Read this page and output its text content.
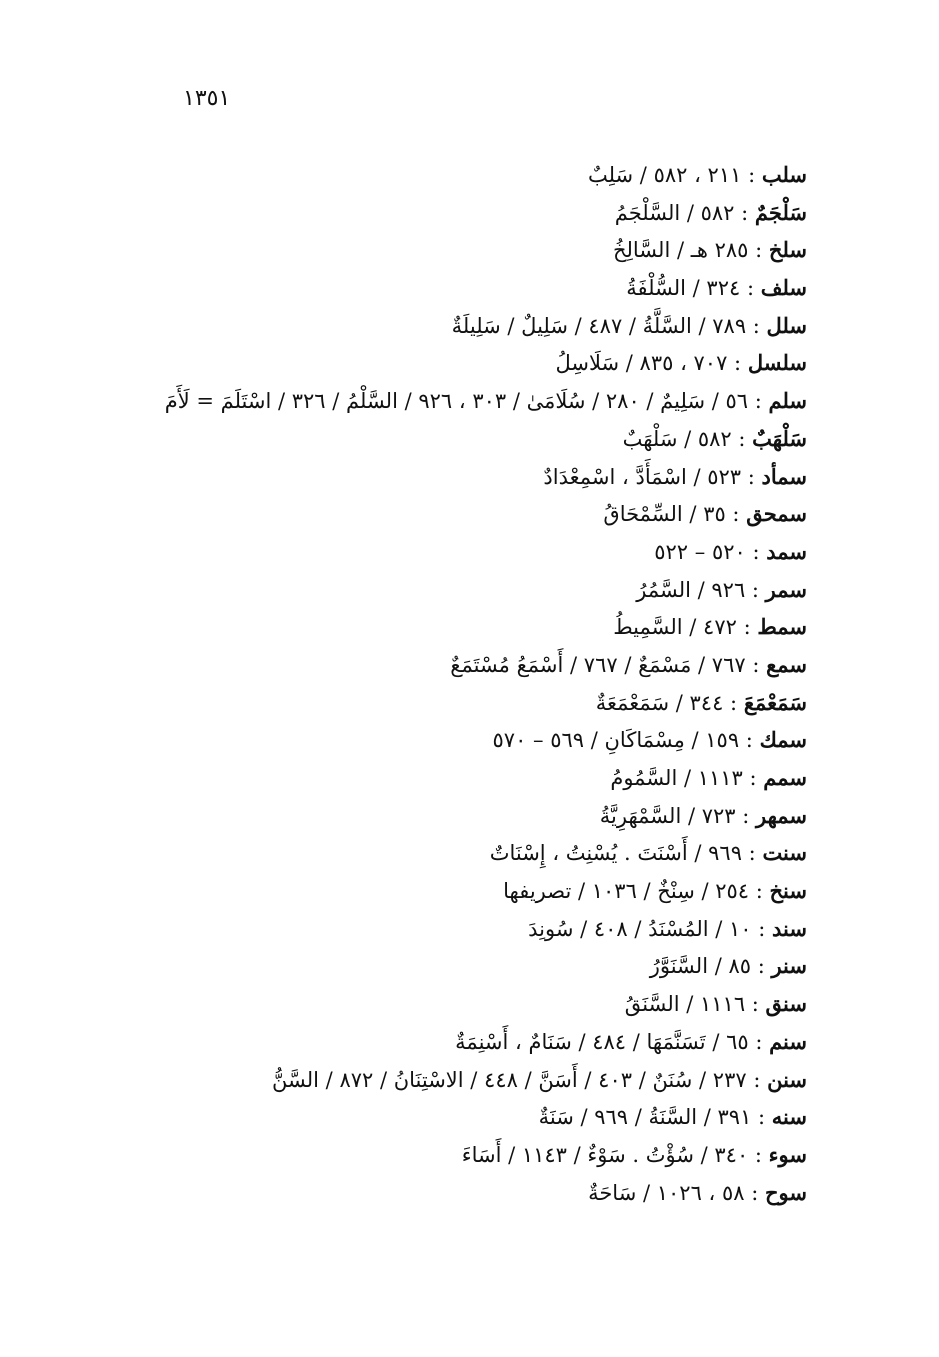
١٣٥١
سلب : ٢١١ ، ٥٨٢ / سَلِبٌ
سَلْجَمٌ : ٥٨٢ / السَّلْجَمُ
سلخ : ٢٨٥ هـ / السَّالِخُ
سلف : ٣٢٤ / السُّلْفَةُ
سلل : ٧٨٩ / السَّلَّةُ / ٤٨٧ / سَلِيلٌ / سَلِيلَةٌ
سلسل : ٧٠٧ ، ٨٣٥ / سَلَاسِلُ
سلم : ٥٦ / سَلِيمٌ / ٢٨٠ / سُلَامَىٰ / ٣٠٣ ، ٩٢٦ / السَّلْمُ / ٣٢٦ / اسْتَلَمَ = لَأَمَ
سَلْهَبٌ : ٥٨٢ / سَلْهَبٌ
سمأد : ٥٢٣ / اسْمَأَدَّ ، اسْمِعْدَادٌ
سمحق : ٣٥ / السِّمْحَاقُ
سمد : ٥٢٠ – ٥٢٢
سمر : ٩٢٦ / السَّمُرُ
سمط : ٤٧٢ / السَّمِيطُ
سمع : ٧٦٧ / مَسْمَعٌ / ٧٦٧ / أَسْمَعُ مُسْتَمَعٌ
سَمَعْمَعَ : ٣٤٤ / سَمَعْمَعَةٌ
سمك : ١٥٩ / مِسْمَاكَانِ / ٥٦٩ – ٥٧٠
سمم : ١١١٣ / السَّمُومُ
سمهر : ٧٢٣ / السَّمْهَرِيَّةُ
سنت : ٩٦٩ / أَسْنَتَ . يُسْنِتُ ، إِسْنَاتٌ
سنخ : ٢٥٤ / سِنْخٌ / ١٠٣٦ / تصريفها
سند : ١٠ / المُسْنَدُ / ٤٠٨ / سُونِدَ
سنر : ٨٥ / السَّنَوَّرُ
سنق : ١١١٦ / السَّنَقُ
سنم : ٦٥ / تَسَنَّمَهَا / ٤٨٤ / سَنَامٌ ، أَسْنِمَةٌ
سنن : ٢٣٧ / سُنَنٌ / ٤٠٣ / أَسَنَّ / ٤٤٨ / الاسْتِنَانُ / ٨٧٢ / السَّنُّ
سنه : ٣٩١ / السَّنَةُ / ٩٦٩ / سَنَةٌ
سوء : ٣٤٠ / سُؤْتُ . سَوْءٌ / ١١٤٣ / أَسَاءَ
سوح : ٥٨ ، ١٠٢٦ / سَاحَةٌ
